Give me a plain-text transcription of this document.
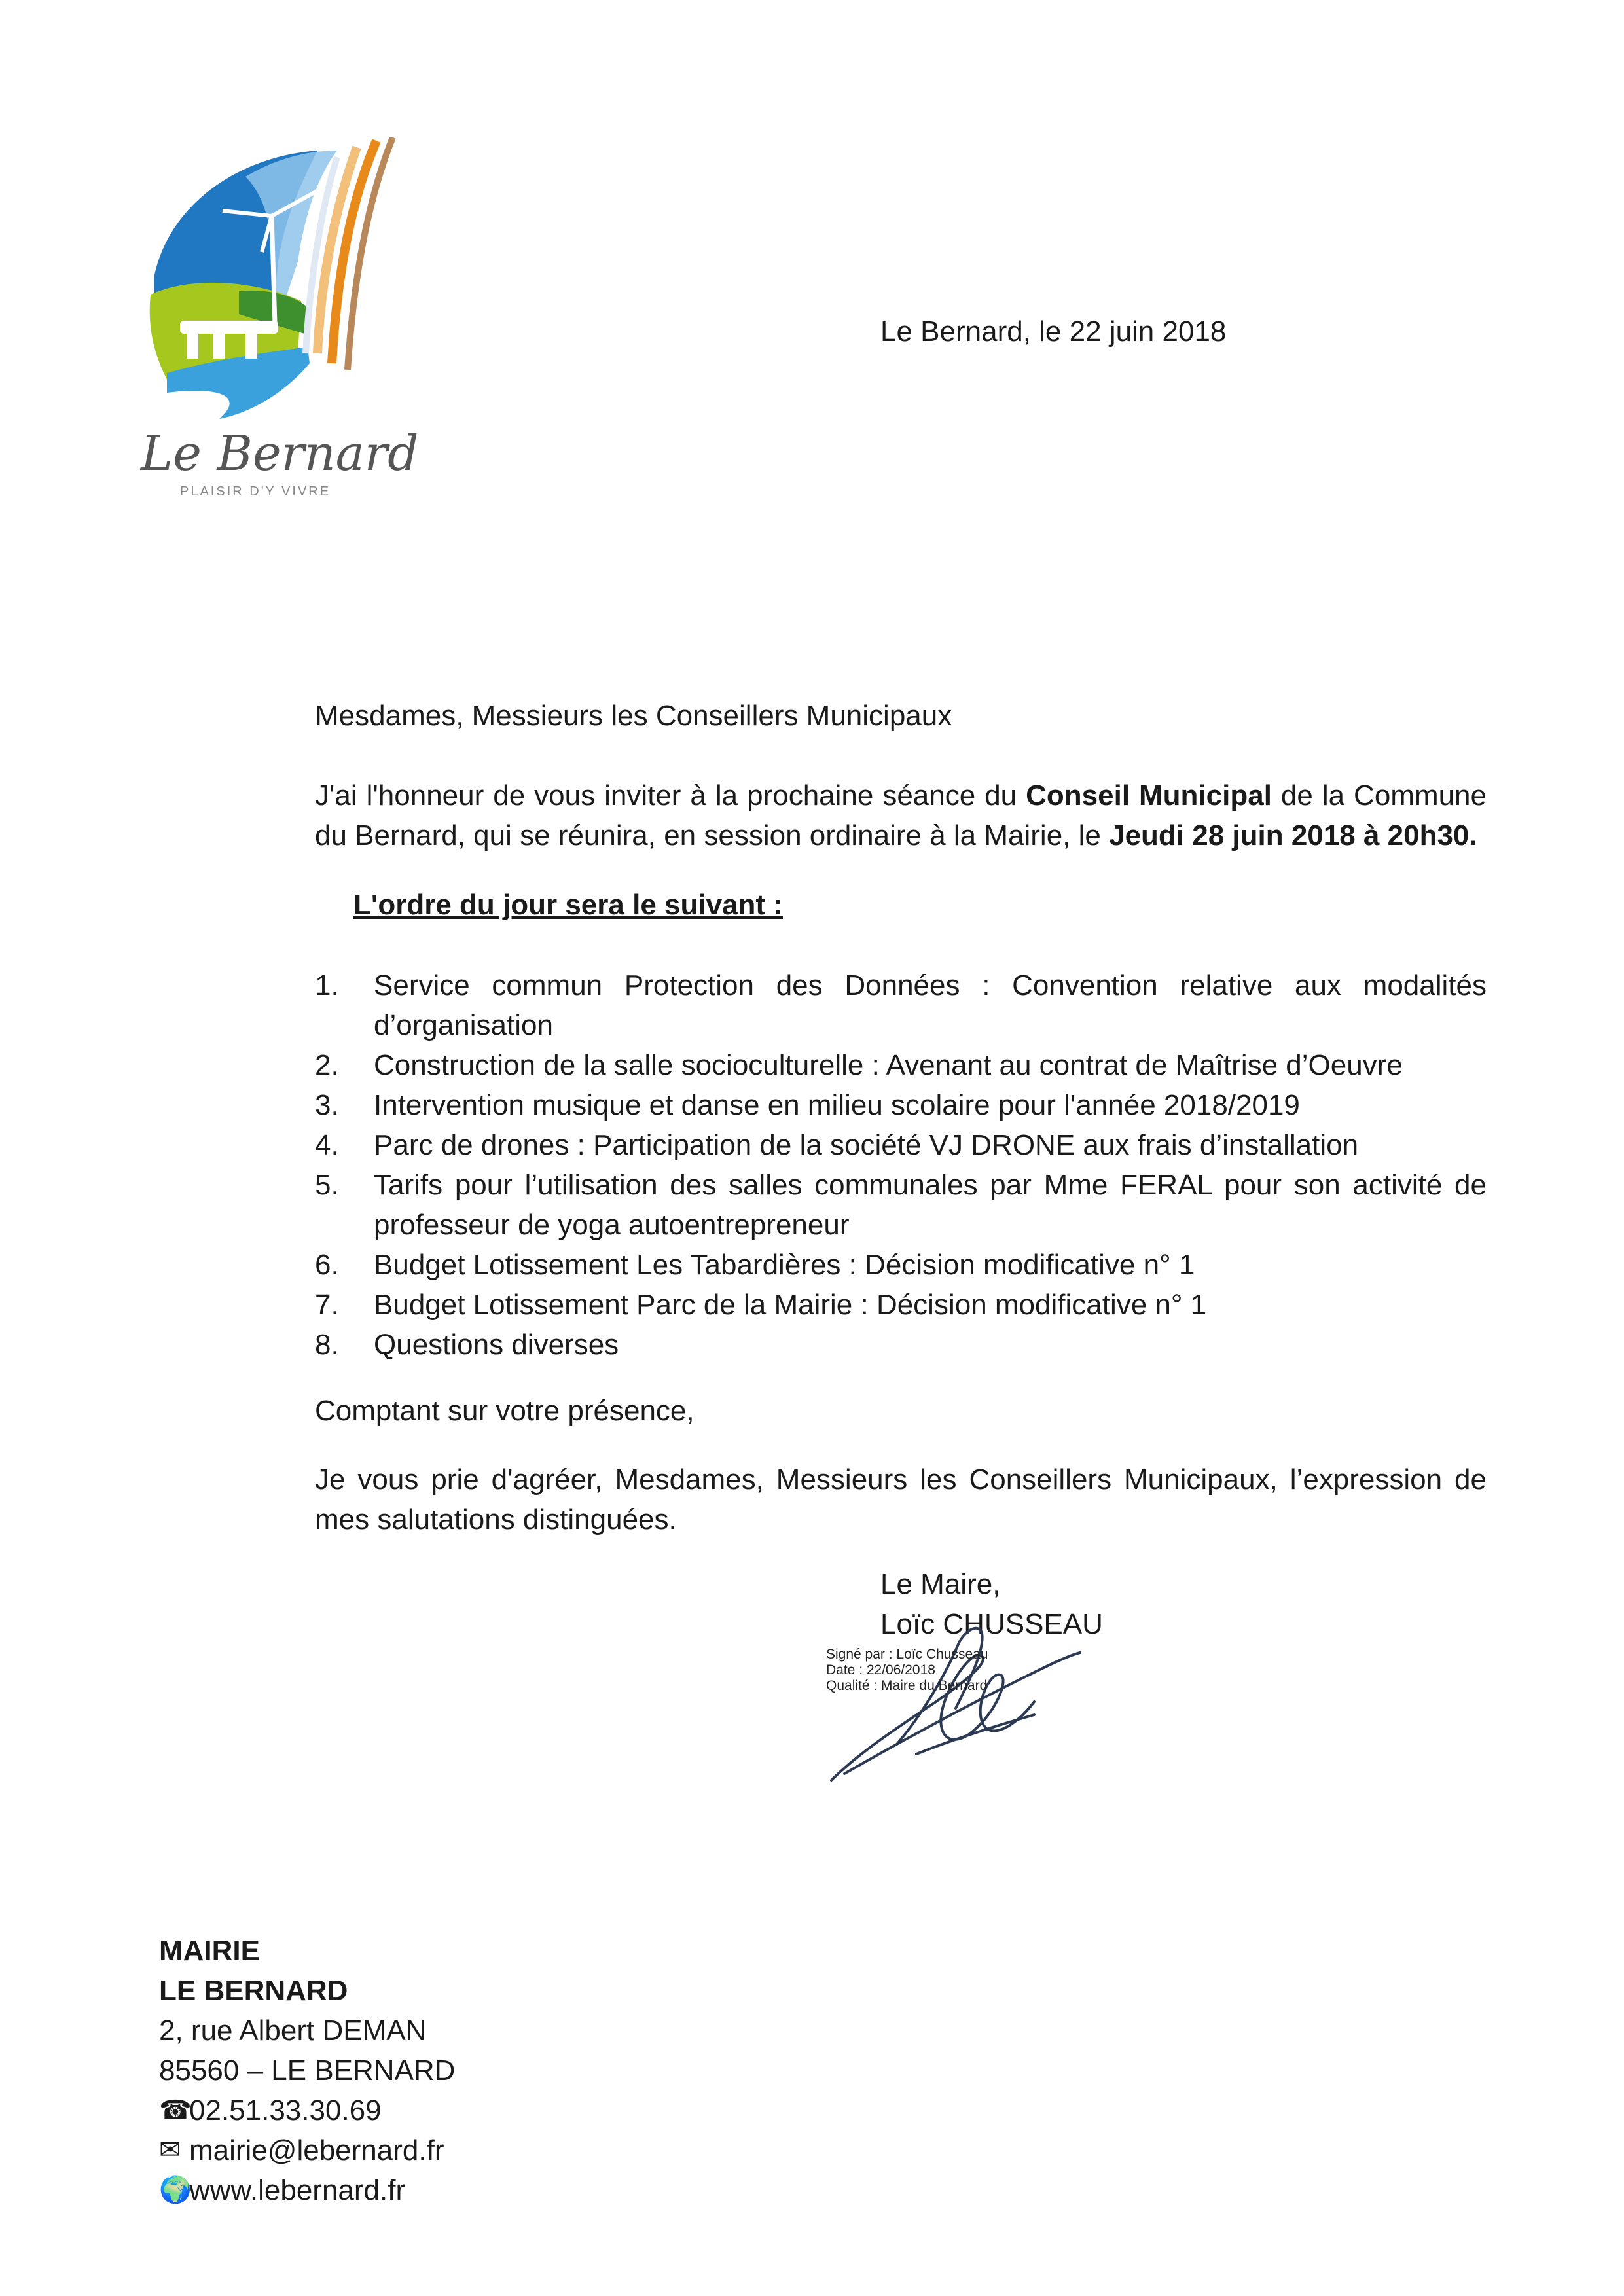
Le Bernard
PLAISIR D'Y VIVRE
Le Bernard, le 22 juin 2018
Mesdames, Messieurs les Conseillers Municipaux
J'ai l'honneur de vous inviter à la prochaine séance du Conseil Municipal de la Commune du Bernard, qui se réunira, en session ordinaire à la Mairie, le Jeudi 28 juin 2018 à 20h30.
L'ordre du jour sera le suivant :
1. Service commun Protection des Données : Convention relative aux modalités d’organisation
2. Construction de la salle socioculturelle : Avenant au contrat de Maîtrise d’Oeuvre
3. Intervention musique et danse en milieu scolaire pour l'année 2018/2019
4. Parc de drones : Participation de la société VJ DRONE aux frais d’installation
5. Tarifs pour l’utilisation des salles communales par Mme FERAL pour son activité de professeur de yoga autoentrepreneur
6. Budget Lotissement Les Tabardières : Décision modificative n° 1
7. Budget Lotissement Parc de la Mairie : Décision modificative n° 1
8. Questions diverses
Comptant sur votre présence,
Je vous prie d'agréer, Mesdames, Messieurs les Conseillers Municipaux, l’expression de mes salutations distinguées.
Le Maire,
Loïc CHUSSEAU
Signé par : Loïc Chusseau
Date : 22/06/2018
Qualité : Maire du Bernard
MAIRIE
LE BERNARD
2, rue Albert DEMAN
85560 – LE BERNARD
☎
02.51.33.30.69
✉ mairie@lebernard.fr
🌍
www.lebernard.fr
